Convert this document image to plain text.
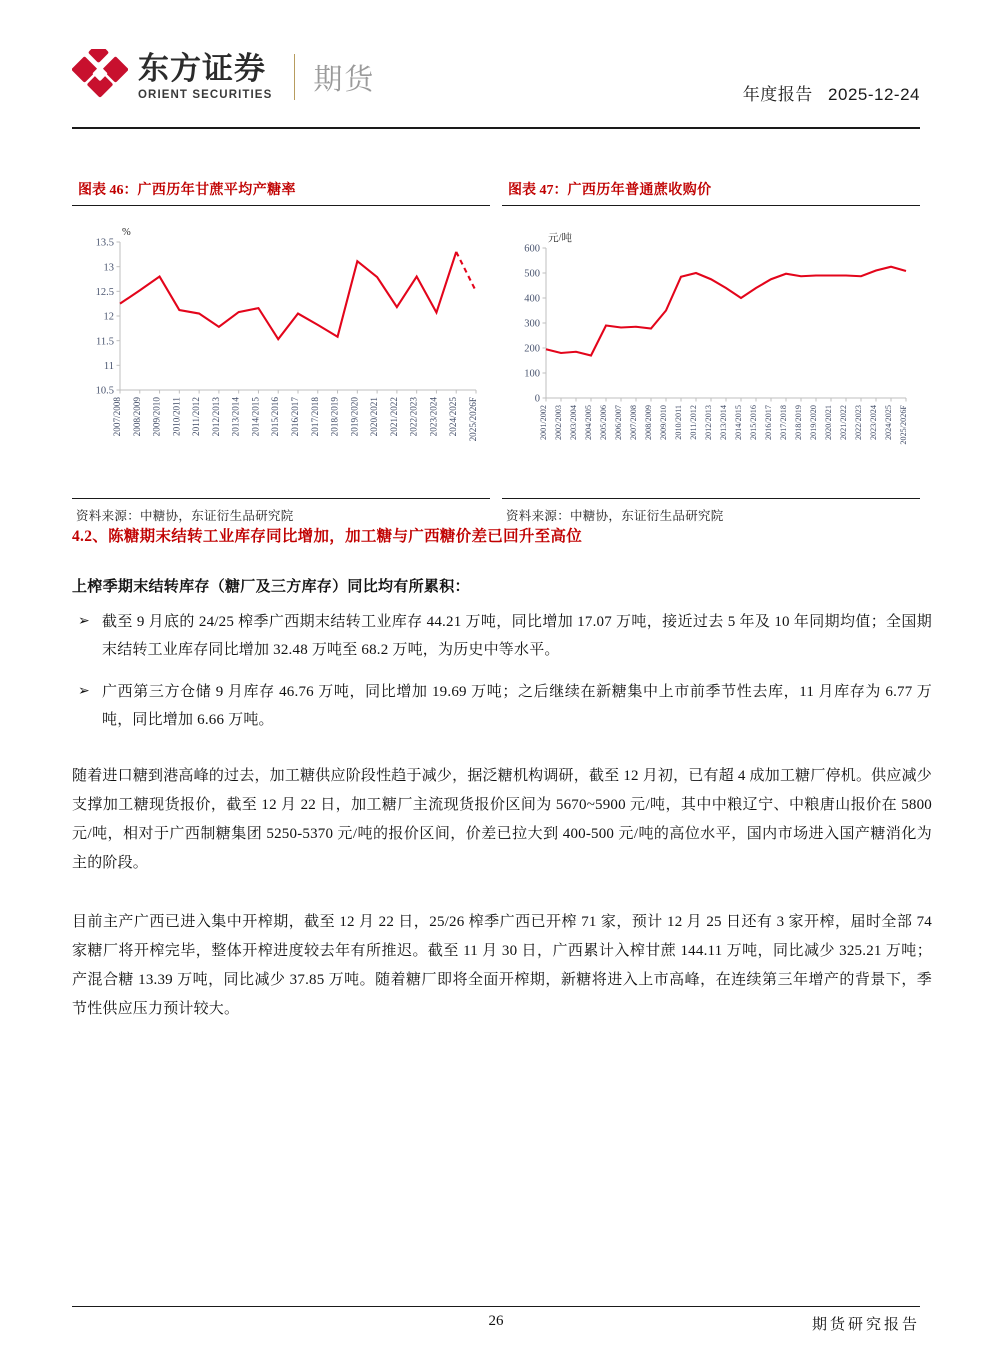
东方证券
ORIENT SECURITIES 期货	年度报告 2025-12-24
图表 46：广西历年甘蔗平均产糖率
10.5
11
11.5
12
12.5
13
13.5
%
2007/2008 2008/2009 2009/2010 2010/2011 2011/2012 2012/2013 2013/2014 2014/2015 2015/2016 2016/2017 2017/2018 2018/2019 2019/2020 2020/2021 2021/2022 2022/2023 2023/2024 2024/2025 2025/2026F
资料来源：中糖协，东证衍生品研究院
图表 47：广西历年普通蔗收购价
0
100
200
300
400
500
600
元/吨
2001/2002 2002/2003 2003/2004 2004/2005 2005/2006 2006/2007 2007/2008 2008/2009 2009/2010 2010/2011 2011/2012 2012/2013 2013/2014 2014/2015 2015/2016 2016/2017 2017/2018 2018/2019 2019/2020 2020/2021 2021/2022 2022/2023 2023/2024 2024/2025 2025/2026F
资料来源：中糖协，东证衍生品研究院
4.2、陈糖期末结转工业库存同比增加，加工糖与广西糖价差已回升至高位
上榨季期末结转库存（糖厂及三方库存）同比均有所累积：
➢ 截至 9 月底的 24/25 榨季广西期末结转工业库存 44.21 万吨，同比增加 17.07 万吨，接近过去 5 年及 10 年同期均值；全国期末结转工业库存同比增加 32.48 万吨至 68.2 万吨，为历史中等水平。
➢ 广西第三方仓储 9 月库存 46.76 万吨，同比增加 19.69 万吨；之后继续在新糖集中上市前季节性去库，11 月库存为 6.77 万吨，同比增加 6.66 万吨。
随着进口糖到港高峰的过去，加工糖供应阶段性趋于减少，据泛糖机构调研，截至 12 月初，已有超 4 成加工糖厂停机。供应减少支撑加工糖现货报价，截至 12 月 22 日，加工糖厂主流现货报价区间为 5670~5900 元/吨，其中中粮辽宁、中粮唐山报价在 5800 元/吨，相对于广西制糖集团 5250-5370 元/吨的报价区间，价差已拉大到 400-500 元/吨的高位水平，国内市场进入国产糖消化为主的阶段。
目前主产广西已进入集中开榨期，截至 12 月 22 日，25/26 榨季广西已开榨 71 家，预计 12 月 25 日还有 3 家开榨，届时全部 74 家糖厂将开榨完毕，整体开榨进度较去年有所推迟。截至 11 月 30 日，广西累计入榨甘蔗 144.11 万吨，同比减少 325.21 万吨；产混合糖 13.39 万吨，同比减少 37.85 万吨。随着糖厂即将全面开榨期，新糖将进入上市高峰，在连续第三年增产的背景下，季节性供应压力预计较大。
26	期货研究报告
